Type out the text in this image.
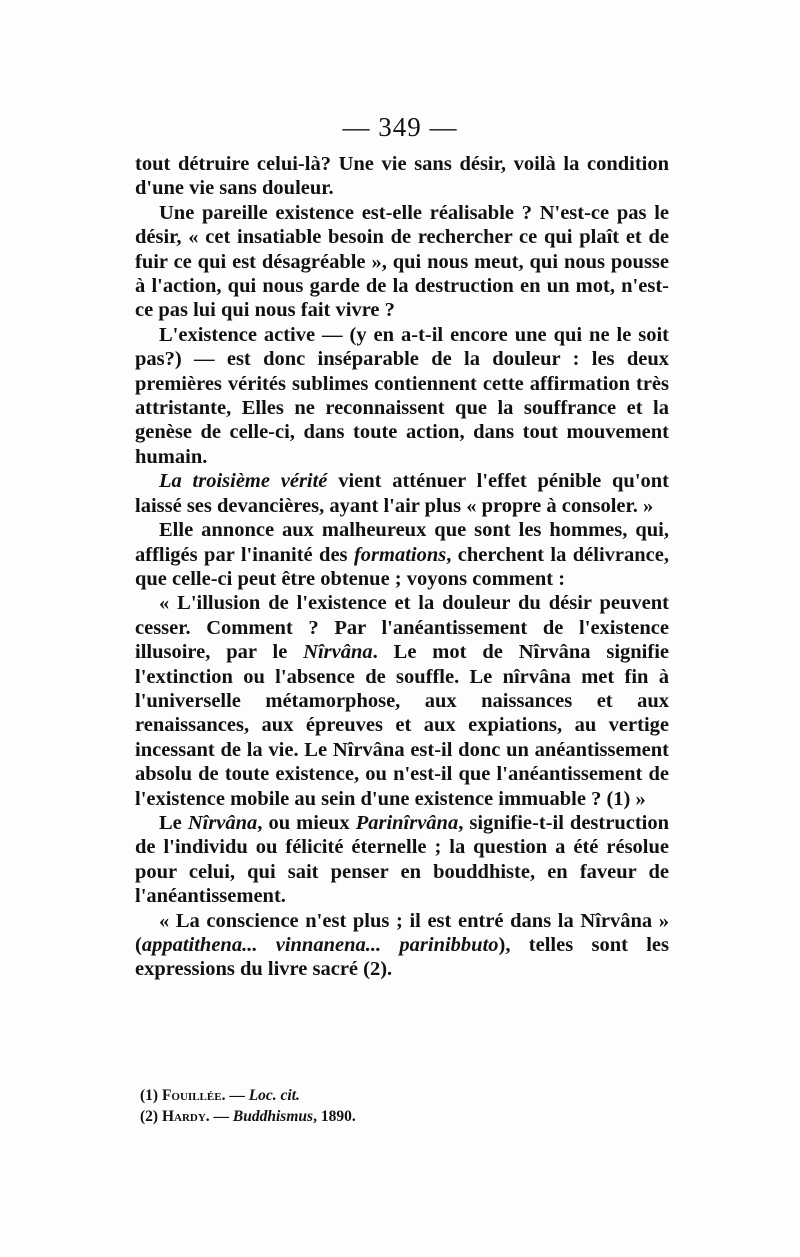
— 349 —

tout détruire celui-là? Une vie sans désir, voilà la condition d'une vie sans douleur.

Une pareille existence est-elle réalisable ? N'est-ce pas le désir, « cet insatiable besoin de rechercher ce qui plaît et de fuir ce qui est désagréable », qui nous meut, qui nous pousse à l'action, qui nous garde de la destruction en un mot, n'est-ce pas lui qui nous fait vivre ?

L'existence active — (y en a-t-il encore une qui ne le soit pas?) — est donc inséparable de la douleur : les deux premières vérités sublimes contiennent cette affirmation très attristante, Elles ne reconnaissent que la souffrance et la genèse de celle-ci, dans toute action, dans tout mouvement humain.

La troisième vérité vient atténuer l'effet pénible qu'ont laissé ses devancières, ayant l'air plus « propre à consoler. »

Elle annonce aux malheureux que sont les hommes, qui, affligés par l'inanité des formations, cherchent la délivrance, que celle-ci peut être obtenue ; voyons comment :

« L'illusion de l'existence et la douleur du désir peuvent cesser. Comment ? Par l'anéantissement de l'existence illusoire, par le Nîrvâna. Le mot de Nîrvâna signifie l'extinction ou l'absence de souffle. Le nîrvâna met fin à l'universelle métamorphose, aux naissances et aux renaissances, aux épreuves et aux expiations, au vertige incessant de la vie. Le Nîrvâna est-il donc un anéantissement absolu de toute existence, ou n'est-il que l'anéantissement de l'existence mobile au sein d'une existence immuable ? (1) »

Le Nîrvâna, ou mieux Parinîrvâna, signifie-t-il destruction de l'individu ou félicité éternelle ; la question a été résolue pour celui, qui sait penser en bouddhiste, en faveur de l'anéantissement.

« La conscience n'est plus ; il est entré dans la Nîrvâna » (appatithena... vinnanena... parinibbuto), telles sont les expressions du livre sacré (2).

(1) Fouillée. — Loc. cit.

(2) Hardy. — Buddhismus, 1890.
